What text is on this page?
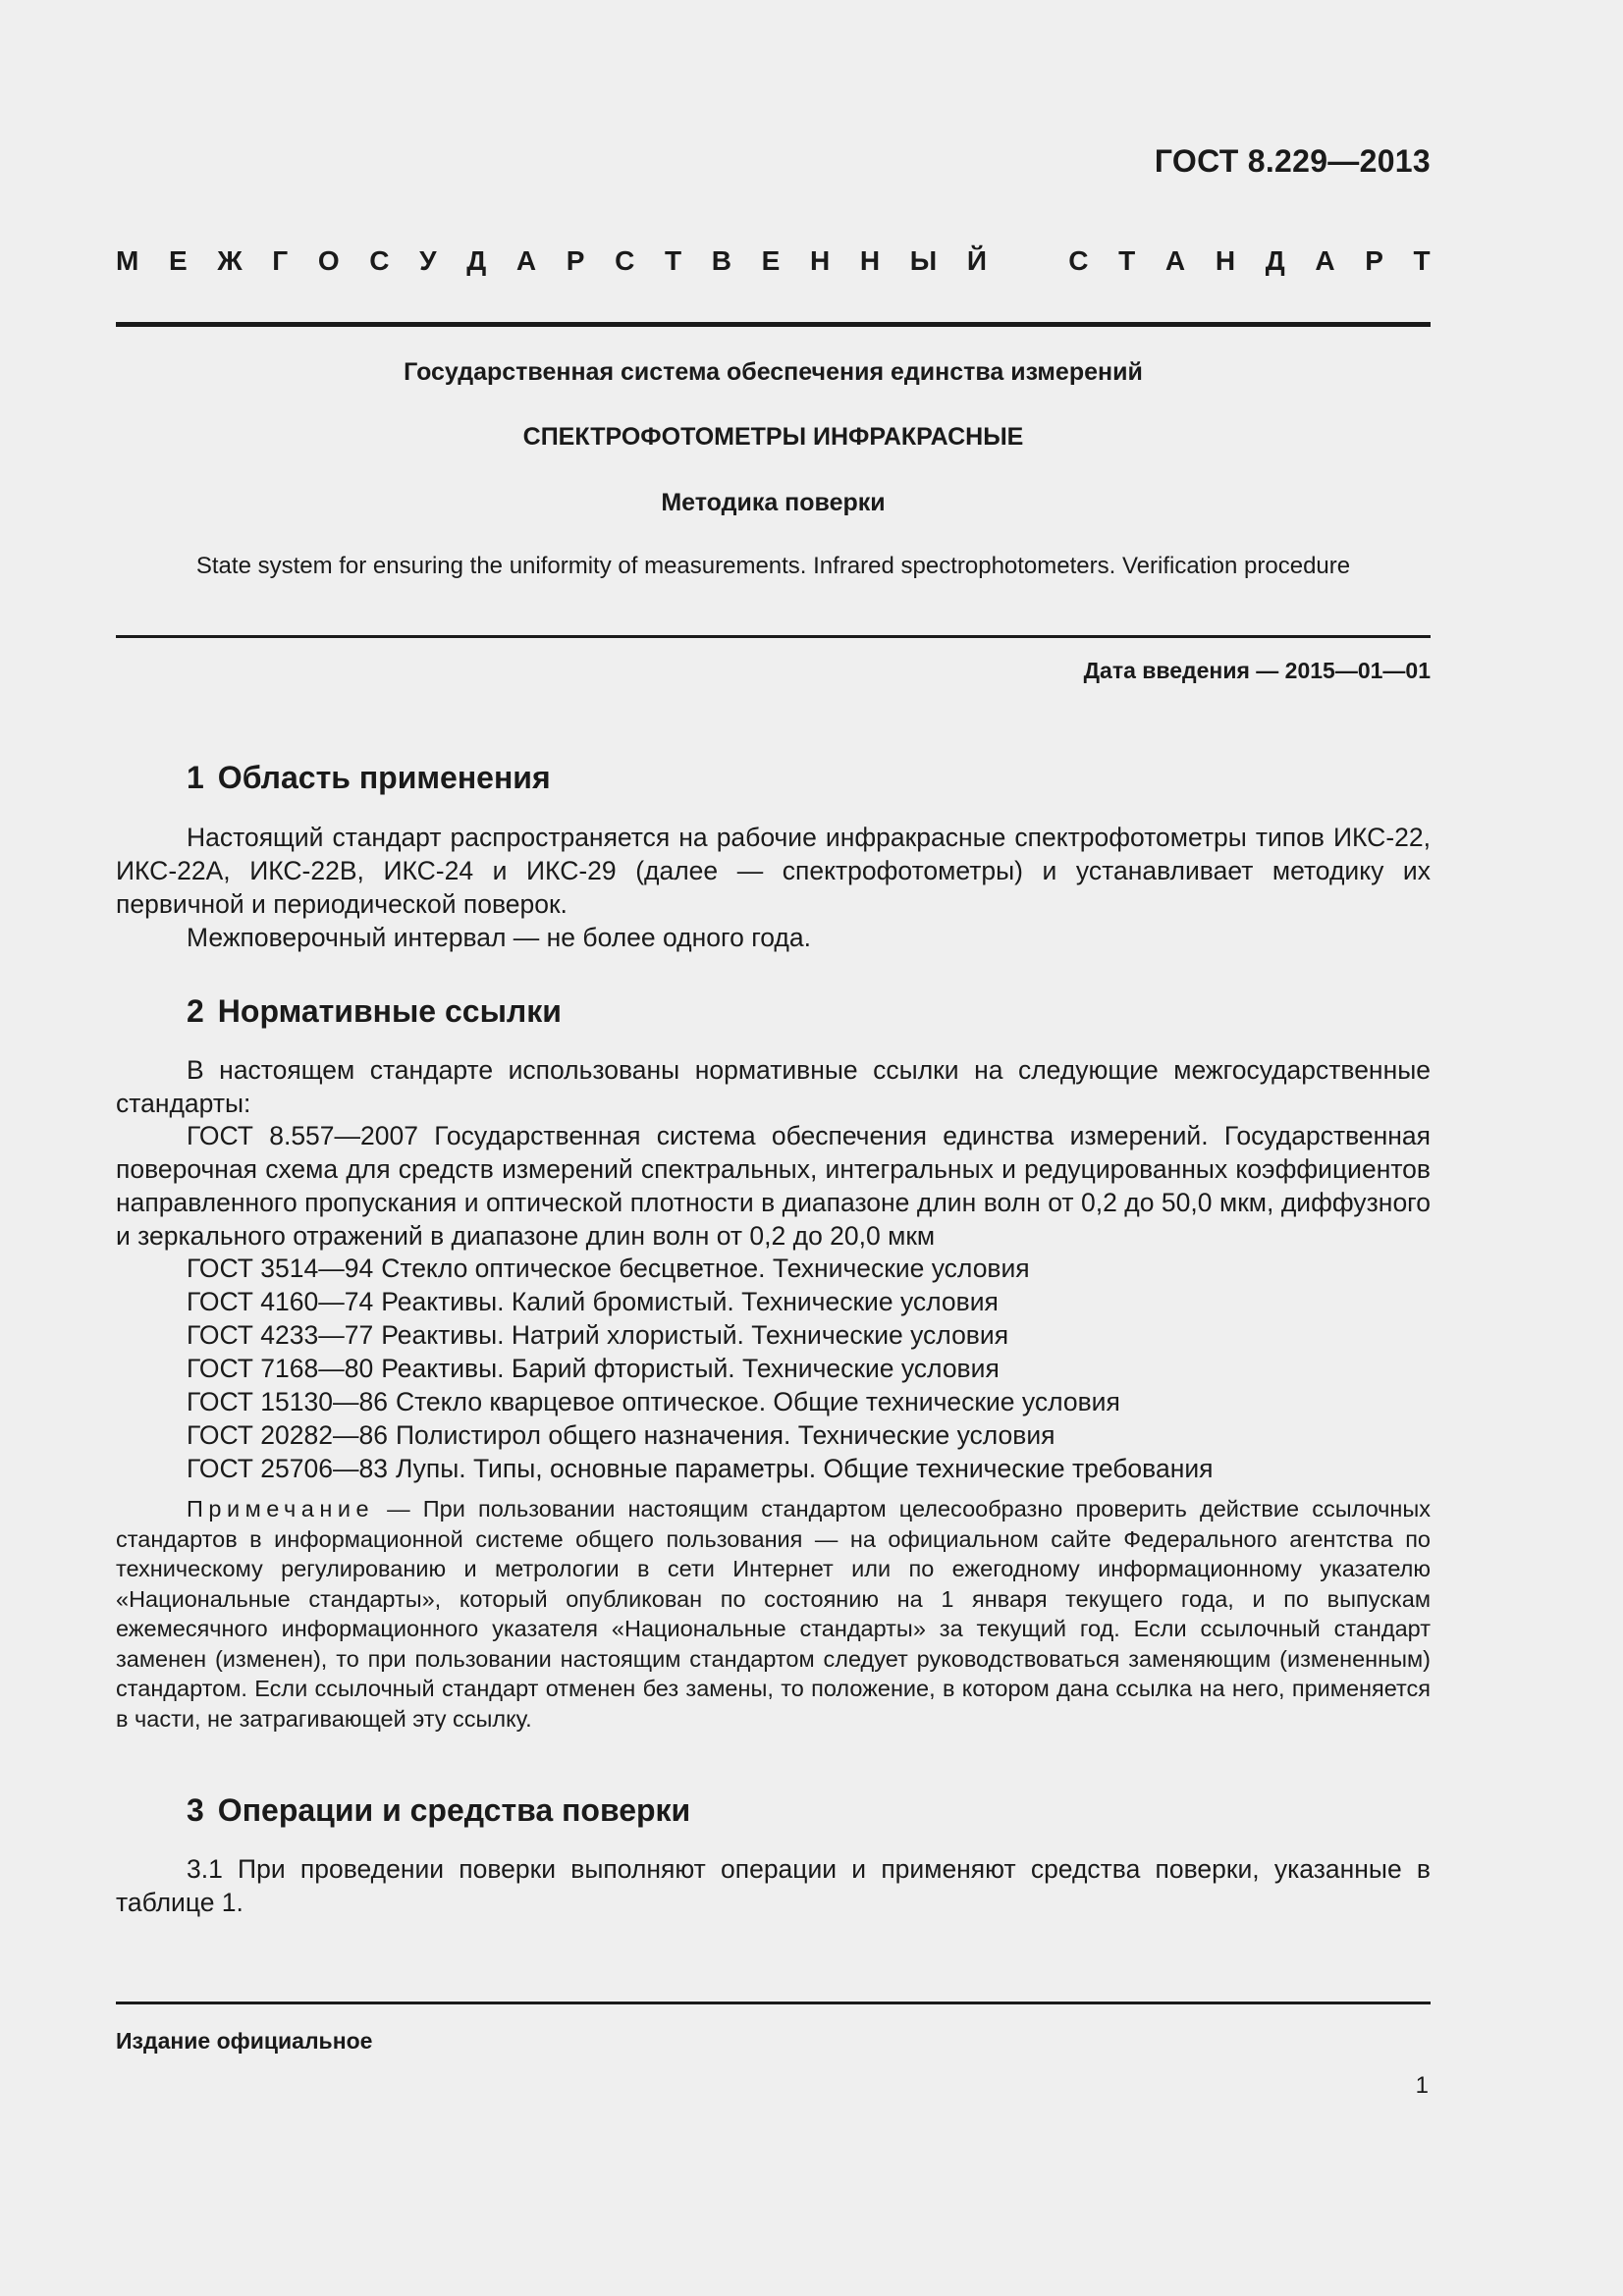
ГОСТ 8.229—2013
М Е Ж Г О С У Д А Р С Т В Е Н Н Ы Й	С Т А Н Д А Р Т
Государственная система обеспечения единства измерений
СПЕКТРОФОТОМЕТРЫ ИНФРАКРАСНЫЕ
Методика поверки
State system for ensuring the uniformity of measurements. Infrared spectrophotometers. Verification procedure
Дата введения — 2015—01—01
1 Область применения
Настоящий стандарт распространяется на рабочие инфракрасные спектрофотометры типов ИКС-22, ИКС-22А, ИКС-22В, ИКС-24 и ИКС-29 (далее — спектрофотометры) и устанавливает методику их первичной и периодической поверок.
Межповерочный интервал — не более одного года.
2 Нормативные ссылки
В настоящем стандарте использованы нормативные ссылки на следующие межгосударственные стандарты:
ГОСТ 8.557—2007 Государственная система обеспечения единства измерений. Государственная поверочная схема для средств измерений спектральных, интегральных и редуцированных коэффициентов направленного пропускания и оптической плотности в диапазоне длин волн от 0,2 до 50,0 мкм, диффузного и зеркального отражений в диапазоне длин волн от 0,2 до 20,0 мкм
ГОСТ 3514—94 Стекло оптическое бесцветное. Технические условия
ГОСТ 4160—74 Реактивы. Калий бромистый. Технические условия
ГОСТ 4233—77 Реактивы. Натрий хлористый. Технические условия
ГОСТ 7168—80 Реактивы. Барий фтористый. Технические условия
ГОСТ 15130—86 Стекло кварцевое оптическое. Общие технические условия
ГОСТ 20282—86 Полистирол общего назначения. Технические условия
ГОСТ 25706—83 Лупы. Типы, основные параметры. Общие технические требования
Примечание — При пользовании настоящим стандартом целесообразно проверить действие ссылочных стандартов в информационной системе общего пользования — на официальном сайте Федерального агентства по техническому регулированию и метрологии в сети Интернет или по ежегодному информационному указателю «Национальные стандарты», который опубликован по состоянию на 1 января текущего года, и по выпускам ежемесячного информационного указателя «Национальные стандарты» за текущий год. Если ссылочный стандарт заменен (изменен), то при пользовании настоящим стандартом следует руководствоваться заменяющим (измененным) стандартом. Если ссылочный стандарт отменен без замены, то положение, в котором дана ссылка на него, применяется в части, не затрагивающей эту ссылку.
3 Операции и средства поверки
3.1 При проведении поверки выполняют операции и применяют средства поверки, указанные в таблице 1.
Издание официальное
1
